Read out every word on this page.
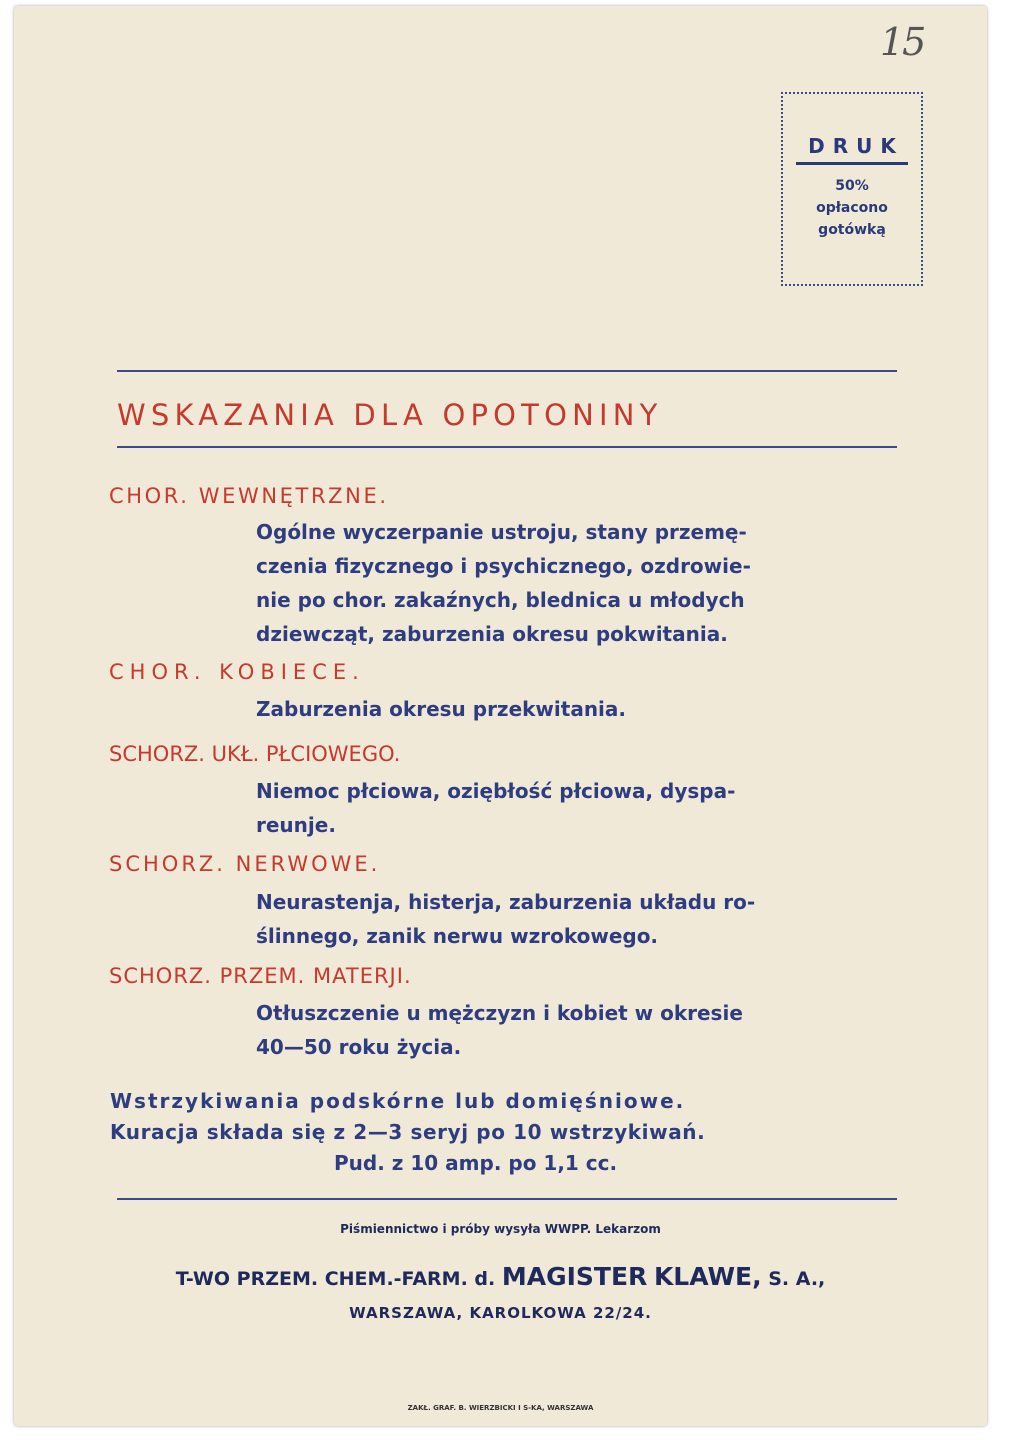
15
DRUK
50%
opłacono
gotówką
WSKAZANIA DLA OPOTONINY
CHOR. WEWNĘTRZNE.
Ogólne wyczerpanie ustroju, stany przemę-
czenia fizycznego i psychicznego, ozdrowie-
nie po chor. zakaźnych, blednica u młodych
dziewcząt, zaburzenia okresu pokwitania.
CHOR. KOBIECE.
Zaburzenia okresu przekwitania.
SCHORZ. UKŁ. PŁCIOWEGO.
Niemoc płciowa, oziębłość płciowa, dyspa-
reunje.
SCHORZ. NERWOWE.
Neurastenja, histerja, zaburzenia układu ro-
ślinnego, zanik nerwu wzrokowego.
SCHORZ. PRZEM. MATERJI.
Otłuszczenie u mężczyzn i kobiet w okresie
40—50 roku życia.
Wstrzykiwania podskórne lub domięśniowe.
Kuracja składa się z 2—3 seryj po 10 wstrzykiwań.
Pud. z 10 amp. po 1,1 cc.
Piśmiennictwo i próby wysyła WWPP. Lekarzom
T-WO PRZEM. CHEM.-FARM. d. MAGISTER KLAWE, S. A.,
WARSZAWA, KAROLKOWA 22/24.
ZAKŁ. GRAF. B. WIERZBICKI I S-KA, WARSZAWA
